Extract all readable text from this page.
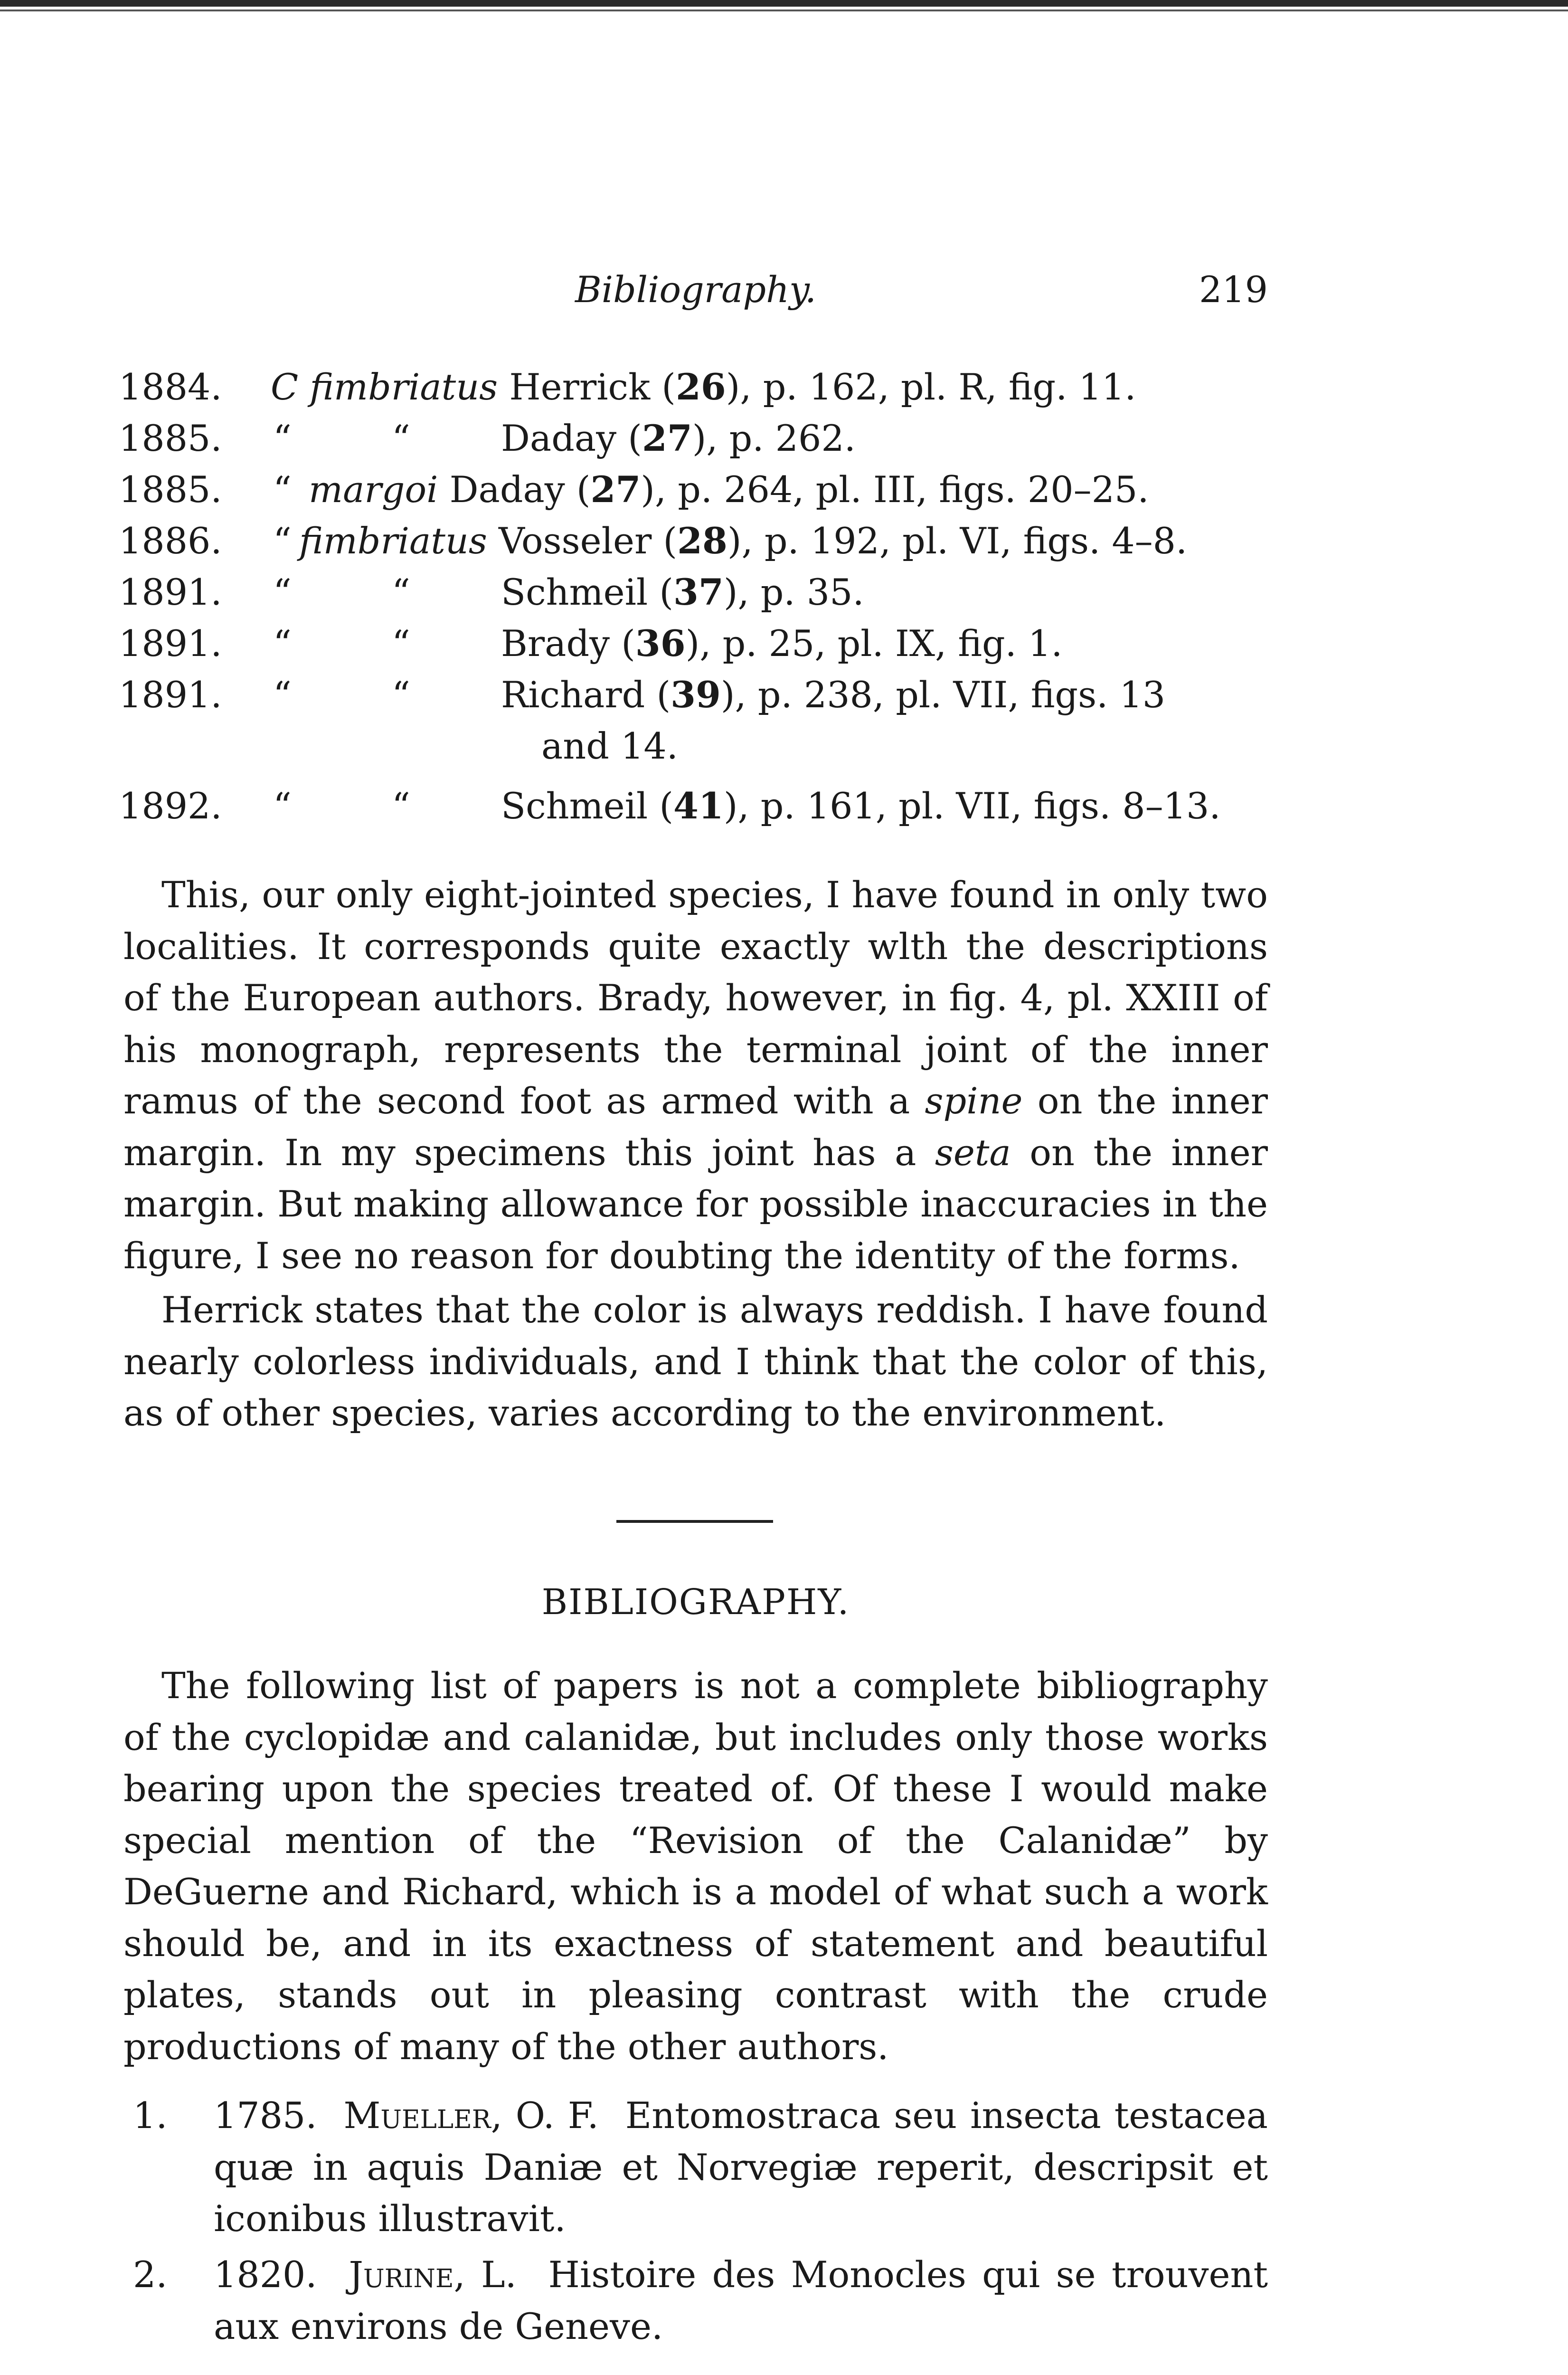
Bibliography.	219
1884. C fimbriatus Herrick (26), p. 162, pl. R, fig. 11.
1885. “	“	Daday (27), p. 262.
1885. “ margoi Daday (27), p. 264, pl. III, figs. 20–25.
1886. “ fimbriatus Vosseler (28), p. 192, pl. VI, figs. 4–8.
1891. “	“	Schmeil (37), p. 35.
1891. “	“	Brady (36), p. 25, pl. IX, fig. 1.
1891. “	“	Richard (39), p. 238, pl. VII, figs. 13
and 14.
1892. “	“	Schmeil (41), p. 161, pl. VII, figs. 8–13.

This, our only eight-jointed species, I have found in only two localities. It corresponds quite exactly wlth the descriptions of the European authors. Brady, however, in fig. 4, pl. XXIII of his monograph, represents the terminal joint of the inner ramus of the second foot as armed with a spine on the inner margin. In my specimens this joint has a seta on the inner margin. But making allowance for possible inaccuracies in the figure, I see no reason for doubting the identity of the forms.

Herrick states that the color is always reddish. I have found nearly colorless individuals, and I think that the color of this, as of other species, varies according to the environment.

BIBLIOGRAPHY.

The following list of papers is not a complete bibliography of the cyclopidæ and calanidæ, but includes only those works bearing upon the species treated of. Of these I would make special mention of the “Revision of the Calanidæ” by DeGuerne and Richard, which is a model of what such a work should be, and in its exactness of statement and beautiful plates, stands out in pleasing contrast with the crude productions of many of the other authors.

1. 1785. Mueller, O. F. Entomostraca seu insecta testacea quæ in aquis Daniæ et Norvegiæ reperit, descripsit et iconibus illustravit.
2. 1820. Jurine, L. Histoire des Monocles qui se trouvent aux environs de Geneve.
